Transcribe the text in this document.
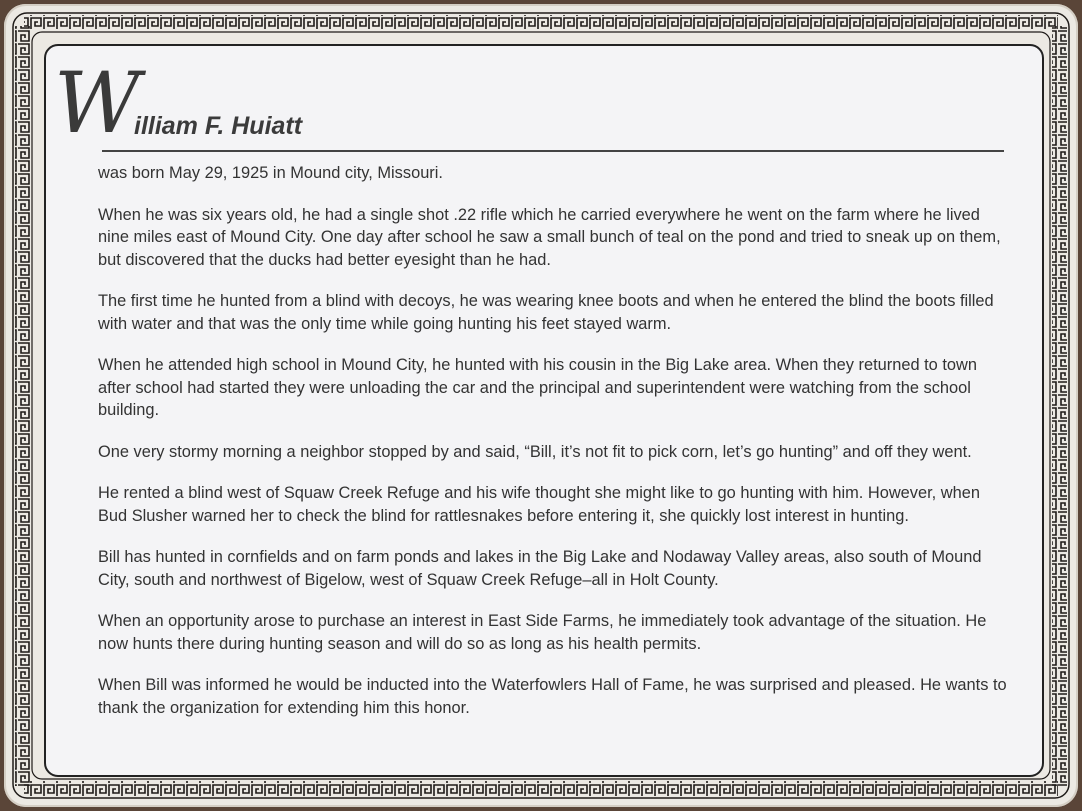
W
illiam F. Huiatt

was born May 29, 1925 in Mound city, Missouri.

When he was six years old, he had a single shot .22 rifle which he carried everywhere he went on the farm where he lived nine miles east of Mound City. One day after school he saw a small bunch of teal on the pond and tried to sneak up on them, but discovered that the ducks had better eyesight than he had.

The first time he hunted from a blind with decoys, he was wearing knee boots and when he entered the blind the boots filled with water and that was the only time while going hunting his feet stayed warm.

When he attended high school in Mound City, he hunted with his cousin in the Big Lake area. When they returned to town after school had started they were unloading the car and the principal and superintendent were watching from the school building.

One very stormy morning a neighbor stopped by and said, “Bill, it’s not fit to pick corn, let’s go hunting” and off they went.

He rented a blind west of Squaw Creek Refuge and his wife thought she might like to go hunting with him. However, when Bud Slusher warned her to check the blind for rattlesnakes before entering it, she quickly lost interest in hunting.

Bill has hunted in cornfields and on farm ponds and lakes in the Big Lake and Nodaway Valley areas, also south of Mound City, south and northwest of Bigelow, west of Squaw Creek Refuge–all in Holt County.

When an opportunity arose to purchase an interest in East Side Farms, he immediately took advantage of the situation. He now hunts there during hunting season and will do so as long as his health permits.

When Bill was informed he would be inducted into the Waterfowlers Hall of Fame, he was surprised and pleased. He wants to thank the organization for extending him this honor.
